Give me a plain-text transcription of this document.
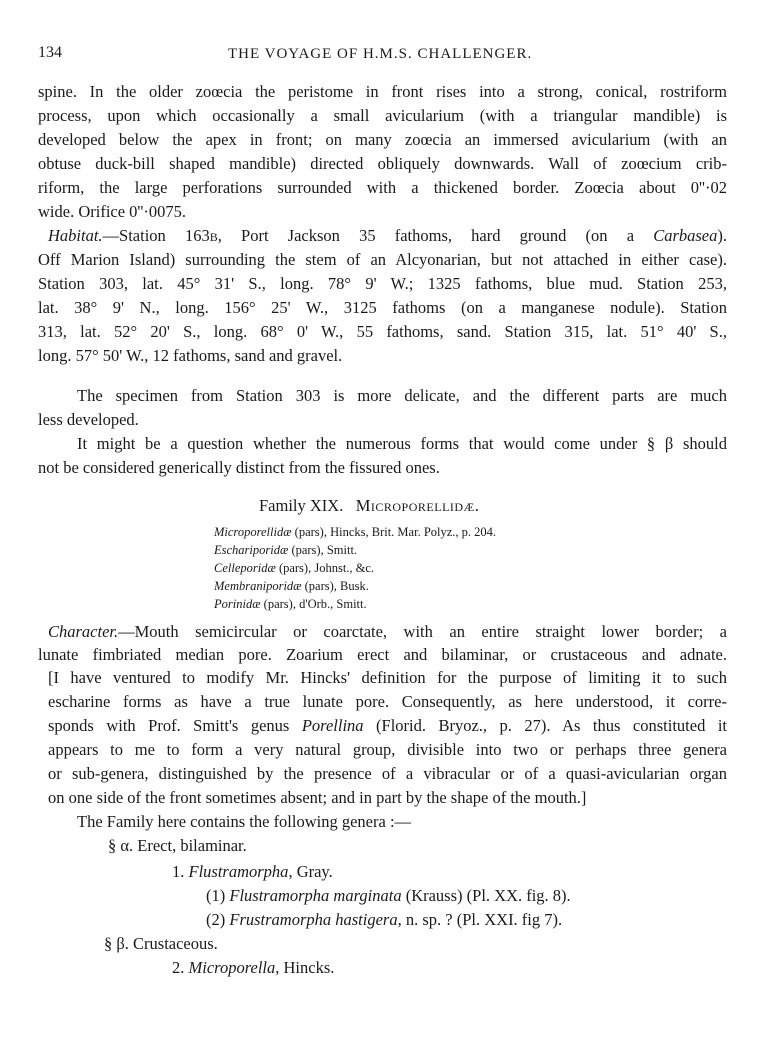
134	THE VOYAGE OF H.M.S. CHALLENGER.
spine. In the older zoœcia the peristome in front rises into a strong, conical, rostriform
process, upon which occasionally a small avicularium (with a triangular mandible) is
developed below the apex in front; on many zoœcia an immersed avicularium (with an
obtuse duck-bill shaped mandible) directed obliquely downwards. Wall of zoœcium crib-
riform, the large perforations surrounded with a thickened border. Zoœcia about 0''·02
wide. Orifice 0''·0075.
Habitat.—Station 163B, Port Jackson 35 fathoms, hard ground (on a Carbasea).
Off Marion Island) surrounding the stem of an Alcyonarian, but not attached in either case).
Station 303, lat. 45° 31' S., long. 78° 9' W.; 1325 fathoms, blue mud. Station 253,
lat. 38° 9' N., long. 156° 25' W., 3125 fathoms (on a manganese nodule). Station
313, lat. 52° 20' S., long. 68° 0' W., 55 fathoms, sand. Station 315, lat. 51° 40' S.,
long. 57° 50' W., 12 fathoms, sand and gravel.
The specimen from Station 303 is more delicate, and the different parts are much
less developed.
It might be a question whether the numerous forms that would come under § β should
not be considered generically distinct from the fissured ones.
Family XIX. Microporellidæ.
Microporellidæ (pars), Hincks, Brit. Mar. Polyz., p. 204.
Eschariporidæ (pars), Smitt.
Celleporidæ (pars), Johnst., &c.
Membraniporidæ (pars), Busk.
Porinidæ (pars), d'Orb., Smitt.
Character.—Mouth semicircular or coarctate, with an entire straight lower border; a
lunate fimbriated median pore. Zoarium erect and bilaminar, or crustaceous and adnate.
[I have ventured to modify Mr. Hincks' definition for the purpose of limiting it to such
escharine forms as have a true lunate pore. Consequently, as here understood, it corre-
sponds with Prof. Smitt's genus Porellina (Florid. Bryoz., p. 27). As thus constituted it
appears to me to form a very natural group, divisible into two or perhaps three genera
or sub-genera, distinguished by the presence of a vibracular or of a quasi-avicularian organ
on one side of the front sometimes absent; and in part by the shape of the mouth.]
The Family here contains the following genera :—
§ α. Erect, bilaminar.
1. Flustramorpha, Gray.
(1) Flustramorpha marginata (Krauss) (Pl. XX. fig. 8).
(2) Frustramorpha hastigera, n. sp. ? (Pl. XXI. fig 7).
§ β. Crustaceous.
2. Microporella, Hincks.
